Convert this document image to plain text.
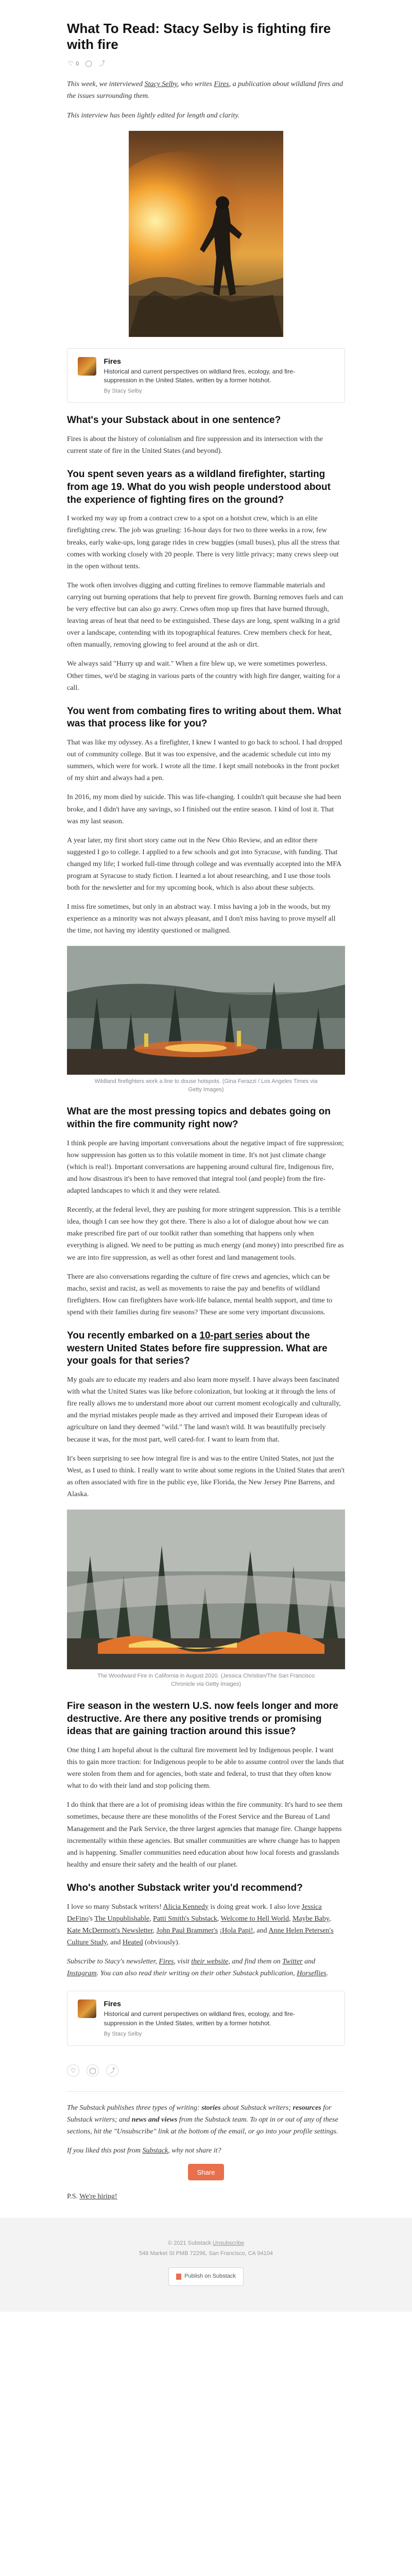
What To Read: Stacy Selby is fighting fire with fire
♡ 0 ◯ ⤴

This week, we interviewed Stacy Selby, who writes Fires, a publication about wildland fires and the issues surrounding them.

This interview has been lightly edited for length and clarity.

Fires
Historical and current perspectives on wildland fires, ecology, and fire-suppression in the United States, written by a former hotshot.
By Stacy Selby
What's your Substack about in one sentence?

Fires is about the history of colonialism and fire suppression and its intersection with the current state of fire in the United States (and beyond).

You spent seven years as a wildland firefighter, starting from age 19. What do you wish people understood about the experience of fighting fires on the ground?

I worked my way up from a contract crew to a spot on a hotshot crew, which is an elite firefighting crew. The job was grueling: 16-hour days for two to three weeks in a row, few breaks, early wake-ups, long garage rides in crew buggies (small buses), plus all the stress that comes with working closely with 20 people. There is very little privacy; many crews sleep out in the open without tents.

The work often involves digging and cutting firelines to remove flammable materials and carrying out burning operations that help to prevent fire growth. Burning removes fuels and can be very effective but can also go awry. Crews often mop up fires that have burned through, leaving areas of heat that need to be extinguished. These days are long, spent walking in a grid over a landscape, contending with its topographical features. Crew members check for heat, often manually, removing glowing to feel around at the ash or dirt.

We always said "Hurry up and wait." When a fire blew up, we were sometimes powerless. Other times, we'd be staging in various parts of the country with high fire danger, waiting for a call.

You went from combating fires to writing about them. What was that process like for you?

That was like my odyssey. As a firefighter, I knew I wanted to go back to school. I had dropped out of community college. But it was too expensive, and the academic schedule cut into my summers, which were for work. I wrote all the time. I kept small notebooks in the front pocket of my shirt and always had a pen.

In 2016, my mom died by suicide. This was life-changing. I couldn't quit because she had been broke, and I didn't have any savings, so I finished out the entire season. I kind of lost it. That was my last season.

A year later, my first short story came out in the New Ohio Review, and an editor there suggested I go to college. I applied to a few schools and got into Syracuse, with funding. That changed my life; I worked full-time through college and was eventually accepted into the MFA program at Syracuse to study fiction. I learned a lot about researching, and I use those tools both for the newsletter and for my upcoming book, which is also about these subjects.

I miss fire sometimes, but only in an abstract way. I miss having a job in the woods, but my experience as a minority was not always pleasant, and I don't miss having to prove myself all the time, not having my identity questioned or maligned.

Wildland firefighters work a line to douse hotspots. (Gina Ferazzi / Los Angeles Times via Getty Images)
What are the most pressing topics and debates going on within the fire community right now?

I think people are having important conversations about the negative impact of fire suppression; how suppression has gotten us to this volatile moment in time. It's not just climate change (which is real!). Important conversations are happening around cultural fire, Indigenous fire, and how disastrous it's been to have removed that integral tool (and people) from the fire-adapted landscapes to which it and they were related.

Recently, at the federal level, they are pushing for more stringent suppression. This is a terrible idea, though I can see how they got there. There is also a lot of dialogue about how we can make prescribed fire part of our toolkit rather than something that happens only when everything is aligned. We need to be putting as much energy (and money) into prescribed fire as we are into fire suppression, as well as other forest and land management tools.

There are also conversations regarding the culture of fire crews and agencies, which can be macho, sexist and racist, as well as movements to raise the pay and benefits of wildland firefighters. How can firefighters have work-life balance, mental health support, and time to spend with their families during fire seasons? These are some very important discussions.

You recently embarked on a 10-part series about the western United States before fire suppression. What are your goals for that series?

My goals are to educate my readers and also learn more myself. I have always been fascinated with what the United States was like before colonization, but looking at it through the lens of fire really allows me to understand more about our current moment ecologically and culturally, and the myriad mistakes people made as they arrived and imposed their European ideas of agriculture on land they deemed "wild." The land wasn't wild. It was beautifully precisely because it was, for the most part, well cared-for. I want to learn from that.

It's been surprising to see how integral fire is and was to the entire United States, not just the West, as I used to think. I really want to write about some regions in the United States that aren't as often associated with fire in the public eye, like Florida, the New Jersey Pine Barrens, and Alaska.

The Woodward Fire in California in August 2020. (Jessica Christian/The San Francisco Chronicle via Getty Images)
Fire season in the western U.S. now feels longer and more destructive. Are there any positive trends or promising ideas that are gaining traction around this issue?

One thing I am hopeful about is the cultural fire movement led by Indigenous people. I want this to gain more traction: for Indigenous people to be able to assume control over the lands that were stolen from them and for agencies, both state and federal, to trust that they often know what to do with their land and stop policing them.

I do think that there are a lot of promising ideas within the fire community. It's hard to see them sometimes, because there are these monoliths of the Forest Service and the Bureau of Land Management and the Park Service, the three largest agencies that manage fire. Change happens incrementally within these agencies. But smaller communities are where change has to happen and is happening. Smaller communities need education about how local forests and grasslands healthy and ensure their safety and the health of our planet.

Who's another Substack writer you'd recommend?

I love so many Substack writers! Alicia Kennedy is doing great work. I also love Jessica DeFino's The Unpublishable, Patti Smith's Substack, Welcome to Hell World, Maybe Baby, Kate McDermott's Newsletter, John Paul Brammer's ¡Hola Papi!, and Anne Helen Petersen's Culture Study, and Heated (obviously).

Subscribe to Stacy's newsletter, Fires, visit their website, and find them on Twitter and Instagram. You can also read their writing on their other Substack publication, Horseflies.

Fires
Historical and current perspectives on wildland fires, ecology, and fire-suppression in the United States, written by a former hotshot.
By Stacy Selby
♡	◯	⤴

The Substack publishes three types of writing: stories about Substack writers; resources for Substack writers; and news and views from the Substack team. To opt in or out of any of these sections, hit the "Unsubscribe" link at the bottom of the email, or go into your profile settings.

If you liked this post from Substack, why not share it?

Share

P.S. We're hiring!

© 2021 Substack Unsubscribe
548 Market St PMB 72296, San Francisco, CA 94104
Publish on Substack
